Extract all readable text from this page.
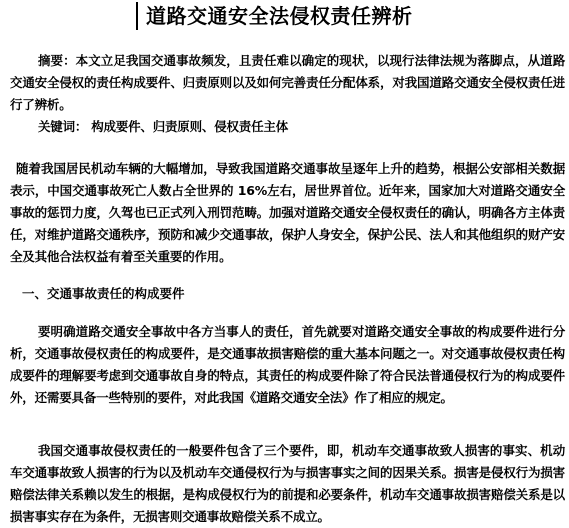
道路交通安全法侵权责任辨析
摘要：本文立足我国交通事故频发，且责任难以确定的现状，以现行法律法规为落脚点，从道路交通安全侵权的责任构成要件、归责原则以及如何完善责任分配体系，对我国道路交通安全侵权责任进行了辨析。
关键词： 构成要件、归责原则、侵权责任主体
随着我国居民机动车辆的大幅增加，导致我国道路交通事故呈逐年上升的趋势，根据公安部相关数据表示，中国交通事故死亡人数占全世界的 16%左右，居世界首位。近年来，国家加大对道路交通安全事故的惩罚力度，久驾也已正式列入刑罚范畴。加强对道路交通安全侵权责任的确认，明确各方主体责任，对维护道路交通秩序，预防和减少交通事故，保护人身安全，保护公民、法人和其他组织的财产安全及其他合法权益有着至关重要的作用。
一、交通事故责任的构成要件
要明确道路交通安全事故中各方当事人的责任，首先就要对道路交通安全事故的构成要件进行分析，交通事故侵权责任的构成要件，是交通事故损害赔偿的重大基本问题之一。对交通事故侵权责任构成要件的理解要考虑到交通事故自身的特点，其责任的构成要件除了符合民法普通侵权行为的构成要件外，还需要具备一些特别的要件，对此我国《道路交通安全法》作了相应的规定。
我国交通事故侵权责任的一般要件包含了三个要件，即，机动车交通事故致人损害的事实、机动车交通事故致人损害的行为以及机动车交通侵权行为与损害事实之间的因果关系。损害是侵权行为损害赔偿法律关系赖以发生的根据，是构成侵权行为的前提和必要条件，机动车交通事故损害赔偿关系是以损害事实存在为条件，无损害则交通事故赔偿关系不成立。
